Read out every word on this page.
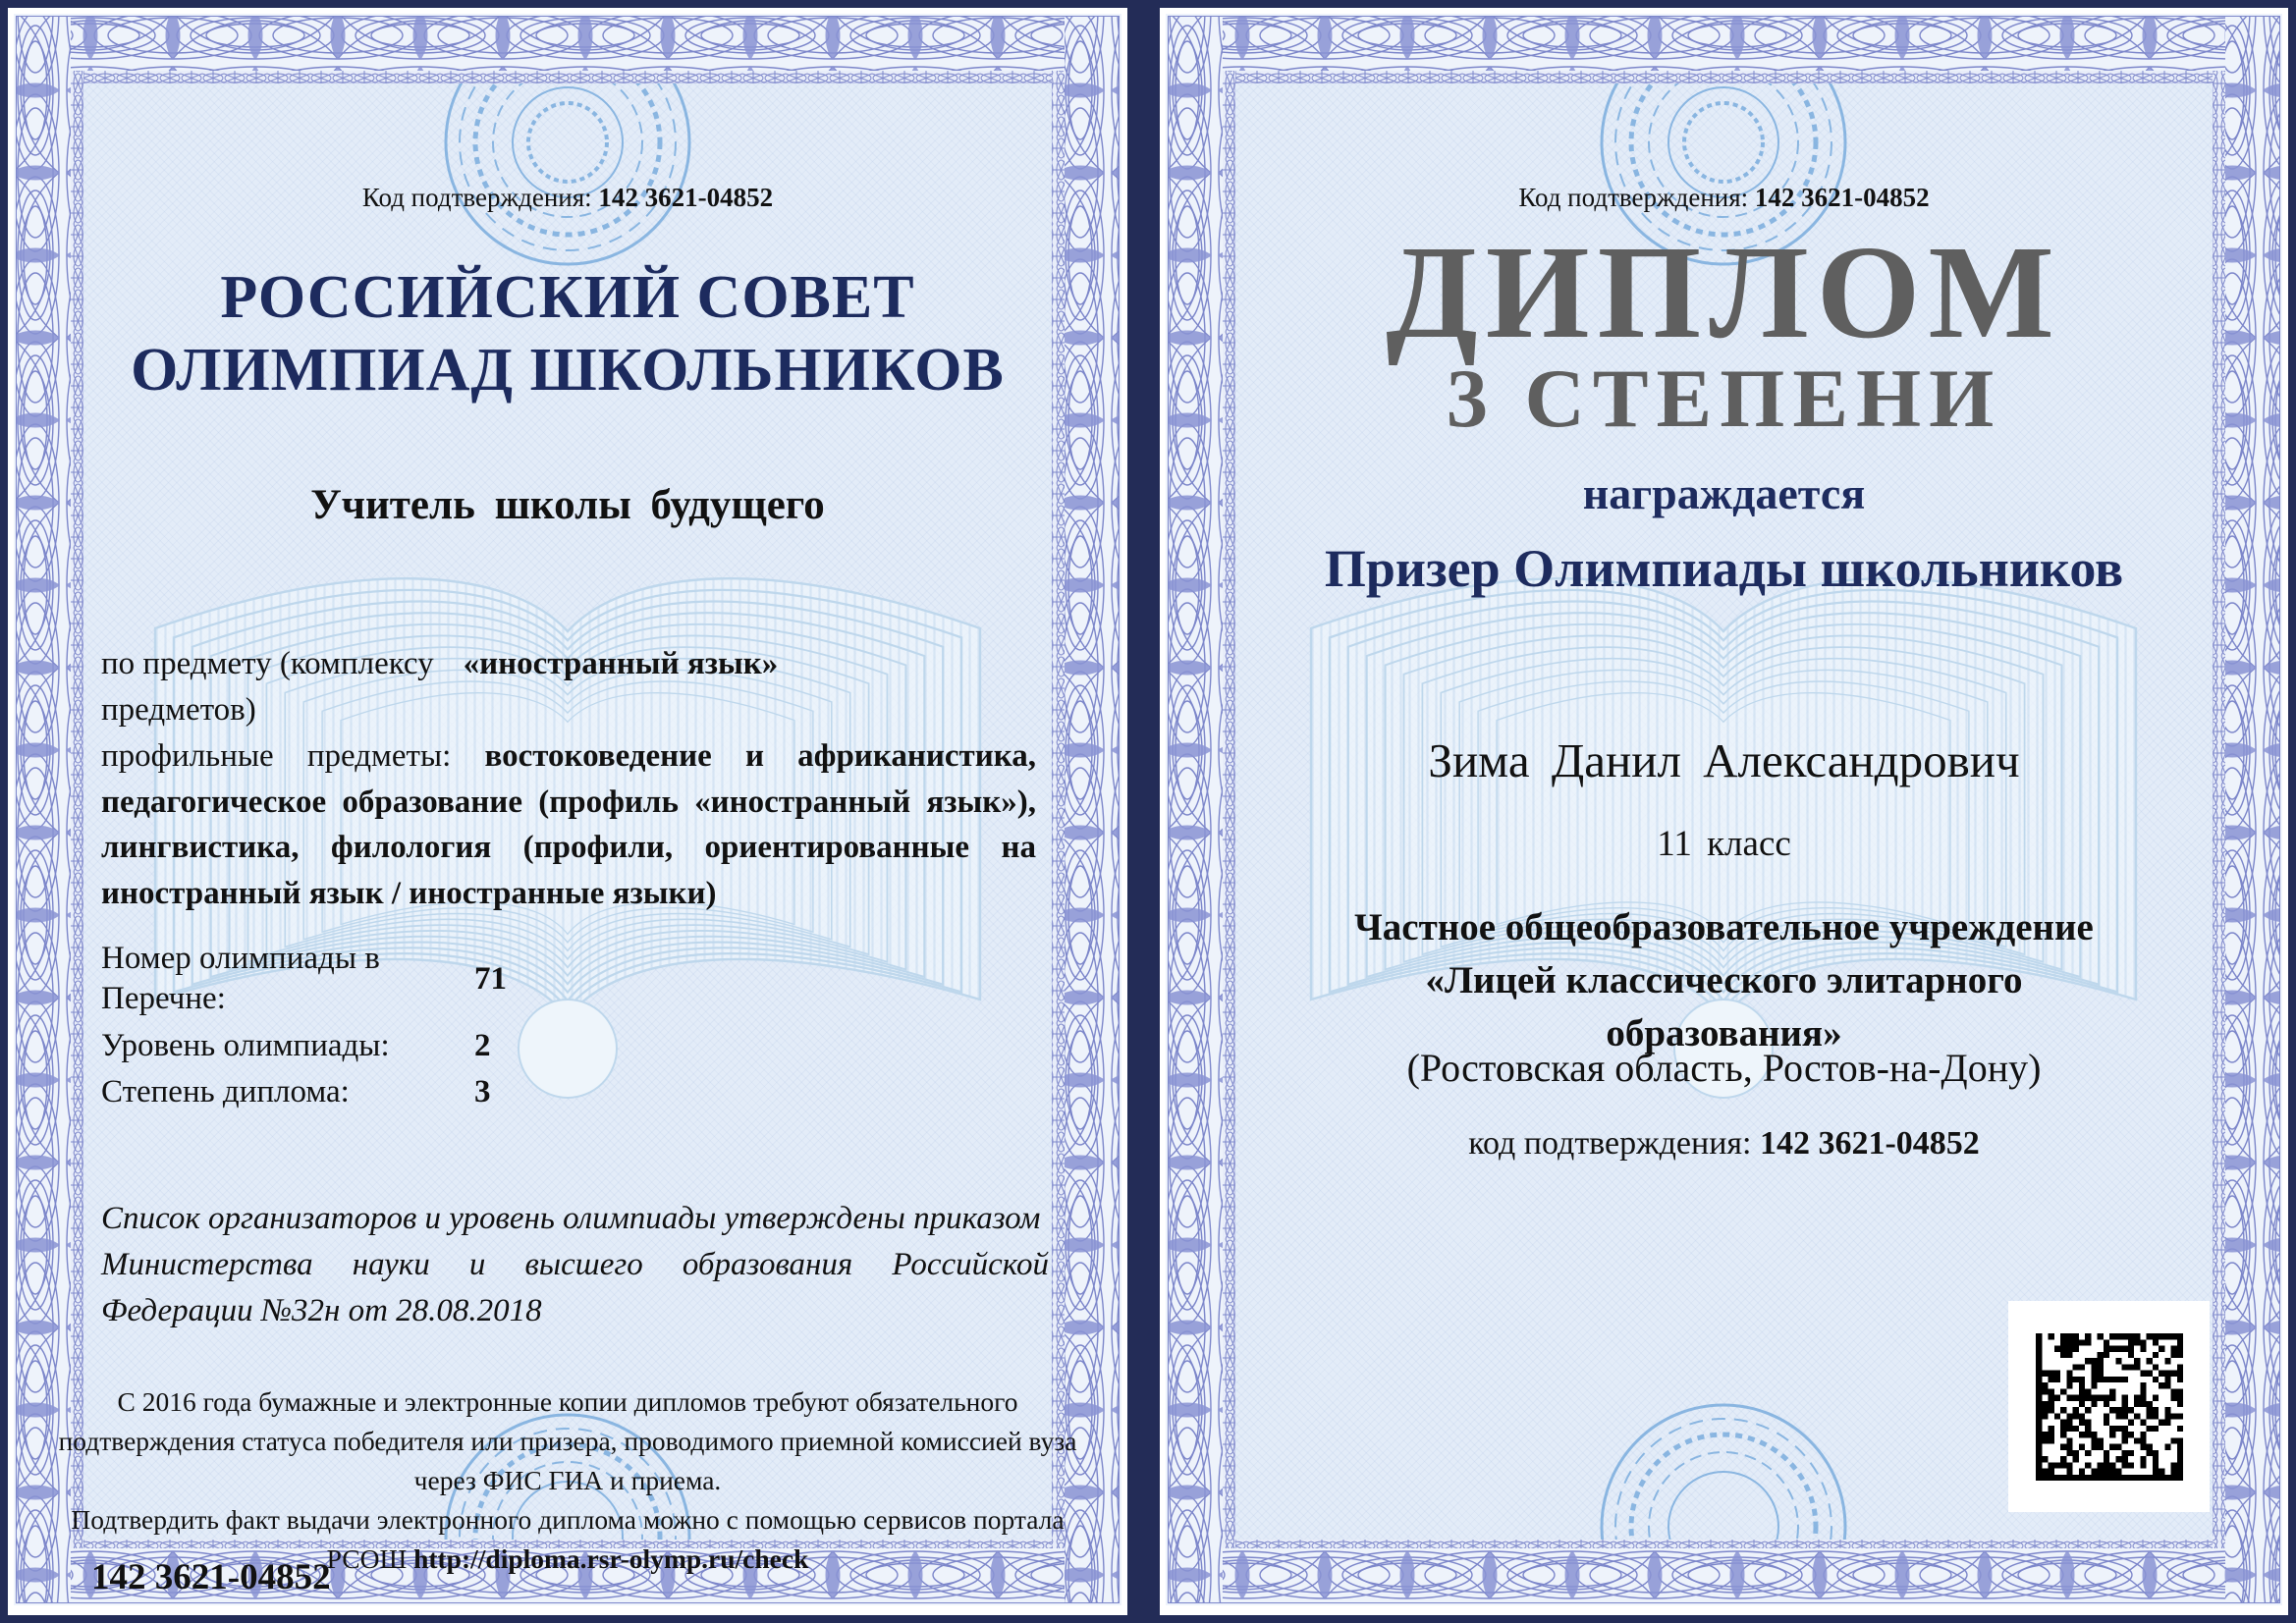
Код подтверждения: 142 3621-04852
РОССИЙСКИЙ СОВЕТ
ОЛИМПИАД ШКОЛЬНИКОВ
Учитель школы будущего
по предмету (комплексу «иностранный язык»
предметов)
профильные предметы: востоковедение и африканистика, педагогическое образование (профиль «иностранный язык»), лингвистика, филология (профили, ориентированные на иностранный язык / иностранные языки)
Номер олимпиады в Перечне:
71
Уровень олимпиады:	2
Степень диплома:	3
Список организаторов и уровень олимпиады утверждены приказом
Министерства науки и высшего образования Российской Федерации №32н от 28.08.2018
С 2016 года бумажные и электронные копии дипломов требуют обязательного подтверждения статуса победителя или призера, проводимого приемной комиссией вуза через ФИС ГИА и приема.
Подтвердить факт выдачи электронного диплома можно с помощью сервисов портала РСОШ http://diploma.rsr-olymp.ru/check
142 3621-04852
Код подтверждения: 142 3621-04852
ДИПЛОМ
3 СТЕПЕНИ
награждается
Призер Олимпиады школьников
Зима Данил Александрович
11 класс
Частное общеобразовательное учреждение
«Лицей классического элитарного образования»
(Ростовская область, Ростов-на-Дону)
код подтверждения: 142 3621-04852
